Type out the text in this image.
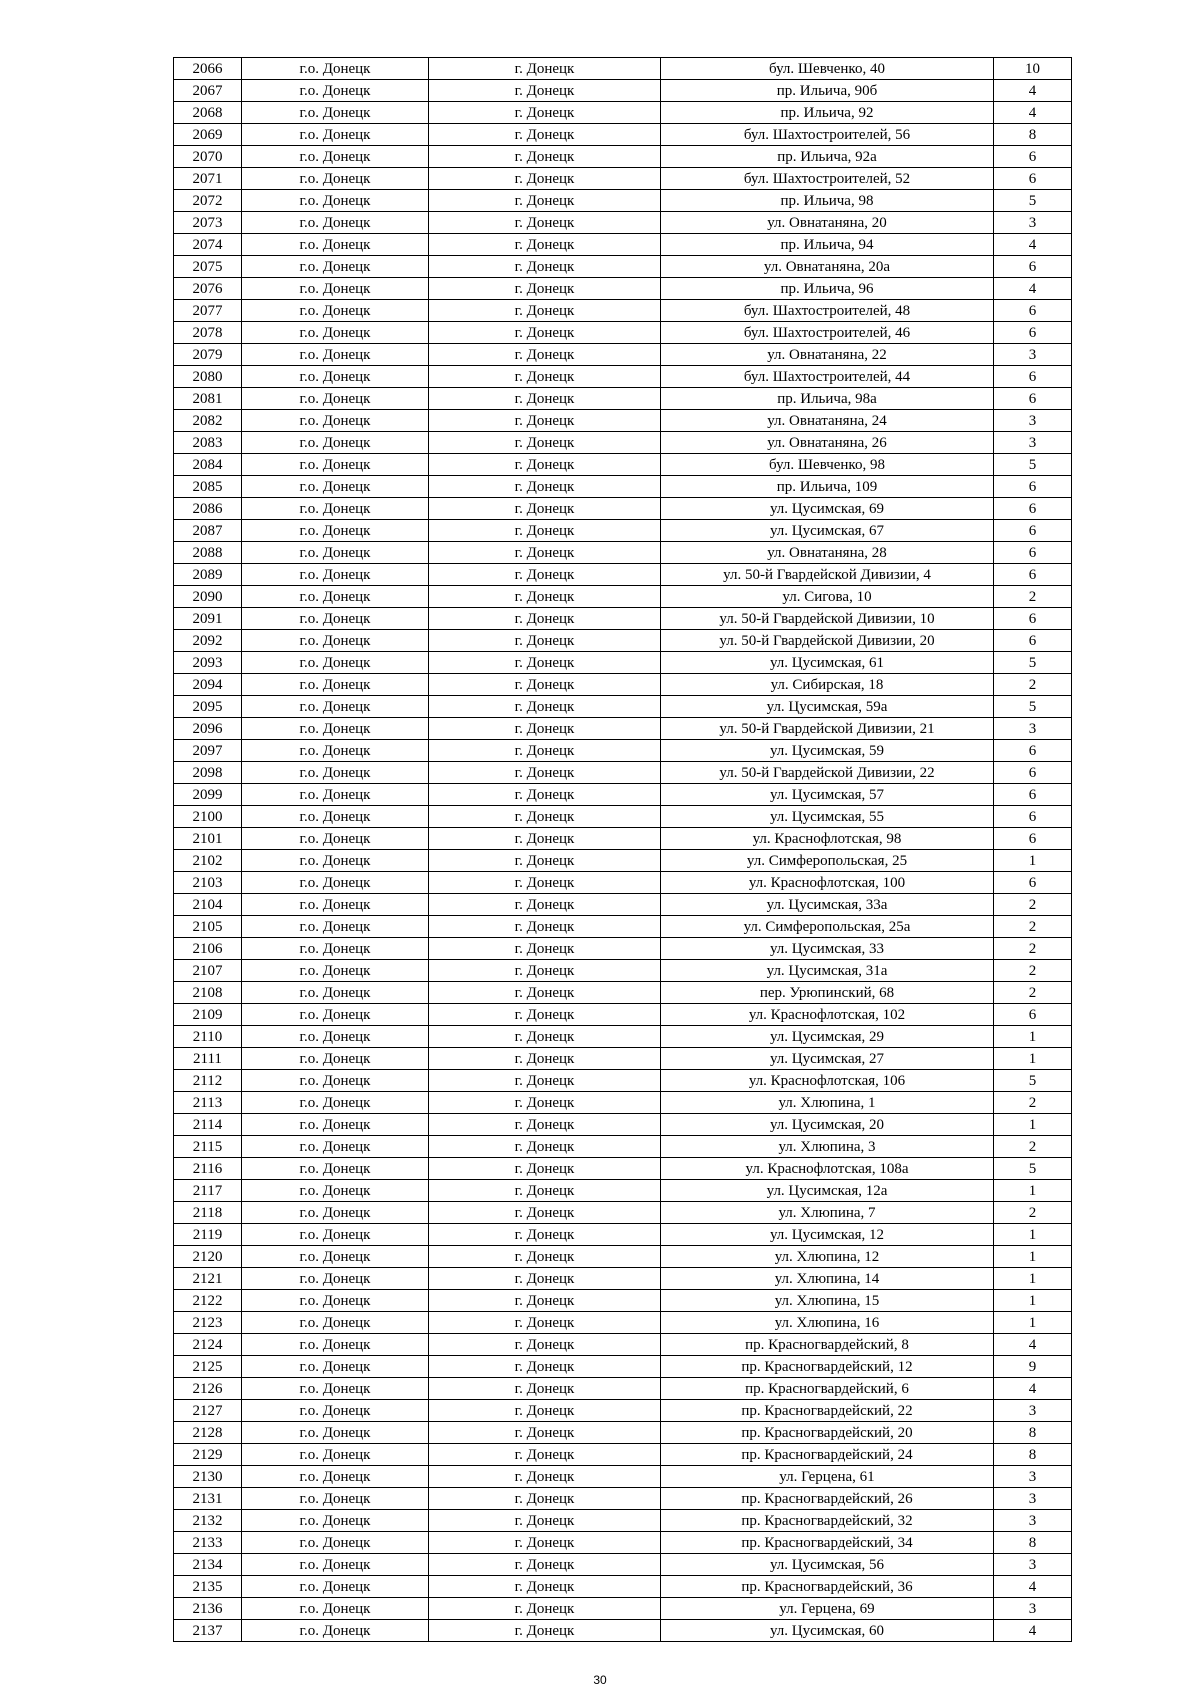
2066	г.о. Донецк	г. Донецк	бул. Шевченко, 40	10
2067	г.о. Донецк	г. Донецк	пр. Ильича, 90б	4
2068	г.о. Донецк	г. Донецк	пр. Ильича, 92	4
2069	г.о. Донецк	г. Донецк	бул. Шахтостроителей, 56	8
2070	г.о. Донецк	г. Донецк	пр. Ильича, 92а	6
2071	г.о. Донецк	г. Донецк	бул. Шахтостроителей, 52	6
2072	г.о. Донецк	г. Донецк	пр. Ильича, 98	5
2073	г.о. Донецк	г. Донецк	ул. Овнатаняна, 20	3
2074	г.о. Донецк	г. Донецк	пр. Ильича, 94	4
2075	г.о. Донецк	г. Донецк	ул. Овнатаняна, 20а	6
2076	г.о. Донецк	г. Донецк	пр. Ильича, 96	4
2077	г.о. Донецк	г. Донецк	бул. Шахтостроителей, 48	6
2078	г.о. Донецк	г. Донецк	бул. Шахтостроителей, 46	6
2079	г.о. Донецк	г. Донецк	ул. Овнатаняна, 22	3
2080	г.о. Донецк	г. Донецк	бул. Шахтостроителей, 44	6
2081	г.о. Донецк	г. Донецк	пр. Ильича, 98а	6
2082	г.о. Донецк	г. Донецк	ул. Овнатаняна, 24	3
2083	г.о. Донецк	г. Донецк	ул. Овнатаняна, 26	3
2084	г.о. Донецк	г. Донецк	бул. Шевченко, 98	5
2085	г.о. Донецк	г. Донецк	пр. Ильича, 109	6
2086	г.о. Донецк	г. Донецк	ул. Цусимская, 69	6
2087	г.о. Донецк	г. Донецк	ул. Цусимская, 67	6
2088	г.о. Донецк	г. Донецк	ул. Овнатаняна, 28	6
2089	г.о. Донецк	г. Донецк	ул. 50-й Гвардейской Дивизии, 4	6
2090	г.о. Донецк	г. Донецк	ул. Сигова, 10	2
2091	г.о. Донецк	г. Донецк	ул. 50-й Гвардейской Дивизии, 10	6
2092	г.о. Донецк	г. Донецк	ул. 50-й Гвардейской Дивизии, 20	6
2093	г.о. Донецк	г. Донецк	ул. Цусимская, 61	5
2094	г.о. Донецк	г. Донецк	ул. Сибирская, 18	2
2095	г.о. Донецк	г. Донецк	ул. Цусимская, 59а	5
2096	г.о. Донецк	г. Донецк	ул. 50-й Гвардейской Дивизии, 21	3
2097	г.о. Донецк	г. Донецк	ул. Цусимская, 59	6
2098	г.о. Донецк	г. Донецк	ул. 50-й Гвардейской Дивизии, 22	6
2099	г.о. Донецк	г. Донецк	ул. Цусимская, 57	6
2100	г.о. Донецк	г. Донецк	ул. Цусимская, 55	6
2101	г.о. Донецк	г. Донецк	ул. Краснофлотская, 98	6
2102	г.о. Донецк	г. Донецк	ул. Симферопольская, 25	1
2103	г.о. Донецк	г. Донецк	ул. Краснофлотская, 100	6
2104	г.о. Донецк	г. Донецк	ул. Цусимская, 33а	2
2105	г.о. Донецк	г. Донецк	ул. Симферопольская, 25а	2
2106	г.о. Донецк	г. Донецк	ул. Цусимская, 33	2
2107	г.о. Донецк	г. Донецк	ул. Цусимская, 31а	2
2108	г.о. Донецк	г. Донецк	пер. Урюпинский, 68	2
2109	г.о. Донецк	г. Донецк	ул. Краснофлотская, 102	6
2110	г.о. Донецк	г. Донецк	ул. Цусимская, 29	1
2111	г.о. Донецк	г. Донецк	ул. Цусимская, 27	1
2112	г.о. Донецк	г. Донецк	ул. Краснофлотская, 106	5
2113	г.о. Донецк	г. Донецк	ул. Хлюпина, 1	2
2114	г.о. Донецк	г. Донецк	ул. Цусимская, 20	1
2115	г.о. Донецк	г. Донецк	ул. Хлюпина, 3	2
2116	г.о. Донецк	г. Донецк	ул. Краснофлотская, 108а	5
2117	г.о. Донецк	г. Донецк	ул. Цусимская, 12а	1
2118	г.о. Донецк	г. Донецк	ул. Хлюпина, 7	2
2119	г.о. Донецк	г. Донецк	ул. Цусимская, 12	1
2120	г.о. Донецк	г. Донецк	ул. Хлюпина, 12	1
2121	г.о. Донецк	г. Донецк	ул. Хлюпина, 14	1
2122	г.о. Донецк	г. Донецк	ул. Хлюпина, 15	1
2123	г.о. Донецк	г. Донецк	ул. Хлюпина, 16	1
2124	г.о. Донецк	г. Донецк	пр. Красногвардейский, 8	4
2125	г.о. Донецк	г. Донецк	пр. Красногвардейский, 12	9
2126	г.о. Донецк	г. Донецк	пр. Красногвардейский, 6	4
2127	г.о. Донецк	г. Донецк	пр. Красногвардейский, 22	3
2128	г.о. Донецк	г. Донецк	пр. Красногвардейский, 20	8
2129	г.о. Донецк	г. Донецк	пр. Красногвардейский, 24	8
2130	г.о. Донецк	г. Донецк	ул. Герцена, 61	3
2131	г.о. Донецк	г. Донецк	пр. Красногвардейский, 26	3
2132	г.о. Донецк	г. Донецк	пр. Красногвардейский, 32	3
2133	г.о. Донецк	г. Донецк	пр. Красногвардейский, 34	8
2134	г.о. Донецк	г. Донецк	ул. Цусимская, 56	3
2135	г.о. Донецк	г. Донецк	пр. Красногвардейский, 36	4
2136	г.о. Донецк	г. Донецк	ул. Герцена, 69	3
2137	г.о. Донецк	г. Донецк	ул. Цусимская, 60	4
30
